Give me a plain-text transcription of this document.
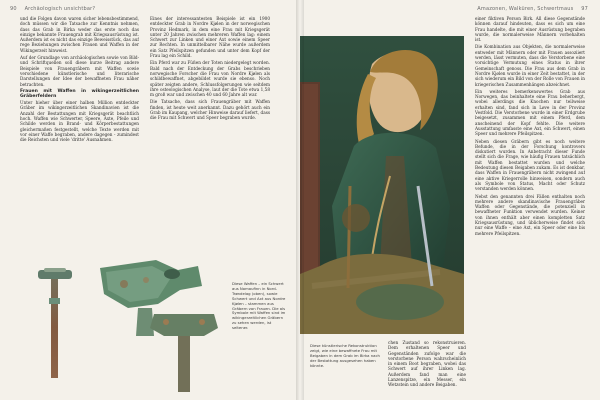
90 Archäologisch unsichtbar?

und die Folgen davon waren sicher lebensbestimmend, doch müssen wir die Tatsache zur Kenntnis nehmen, dass das Grab in Birka weder das erste noch das einzige bekannte Frauengrab mit Kriegsausrüstung ist. Außerdem ist es nicht das einzige Beweisstück, das auf rege Beziehungen zwischen Frauen und Waffen in der Wikingerzeit hinweist.

Auf der Grundlage von archäologischen sowie von Bild- und Schriftquellen soll diese kurze Beitrag andere Beispiele von Frauengräbern mit Waffen sowie verschiedene künstlerische und literarische Darstellungen der Idee der bewaffneten Frau näher betrachten.

Frauen mit Waffen in wikingerzeitlichen Gräberfeldern

Unter hieher über einer halben Million entdeckter Gräber im wikingerzeitlichen Skandinavien ist die Anzahl der Bestattungen mit Kriegsgerät beachtlich hoch. Waffen wie Schwerter, Speere, Äxte, Pfeile und Schilde werden in Brand- und Körperbestattungen gleichermaßen festgestellt, welche Texte werden mit vor einer Waffe begraben, andere dagegen - zumindest die Reichsten und viele 'dritte' Ausnahmen.

Eines der interessantesten Beispiele ist ein 1900 entdeckter Grab in Nordre Kjølen in der norwegischen Provinz Hedmark, in dem eine Frau mit Kriegsgerät unter 20 Jahren zwischen mehreren Waffen lag: einem Schwert zur Linken und einer Axt sowie einem Speer zur Rechten. In unmittelbarer Nähe wurde außerdem ein Satz Pfeilspitzen gefunden und unter dem Kopf der Frau lag ein Schild.

Ein Pferd war zu Füßen der Toten niedergelegt worden. Bald nach der Entdeckung der Grabs beschrieben norwegische Forscher die Frau von Nordre Kjølen als schildbewaffnet, abgebildet wurde sie ebenso. Noch später zeigten andere, Schlussfolgerungen wie seitdem ihre osteologischen Analyse, laut der die Tote etwa 1,58 m groß war und zwischen 40 und 60 Jahre alt war.

Die Tatsache, dass sich Frauengräber mit Waffen finden, ist heute weit anerkannt. Dazu gehört auch ein Grab im Kaupang, welcher Hinweise darauf liefert, dass die Frau mit Schwert und Speer begraben wurde.

Diese Waffen – ein Schwert aus Nomaufinn in Nord-Trøndelag (oben), sowie Schwert und Axt aus Nordre Kjølen – stammen aus Gräbern von Frauen. Die als Symbole mit Waffen sind im wikingerzeitlichen Gräbern zu sehen werden, ist seltener.
Amazonen, Walküren, Schwertmaus 97
Diese künstlerische Rekonstruktion zeigt, wie eine bewaffnete Frau mit Beigaben in dem Grab im Birka nach der Bestattung ausgesehen haben könnte.

chen Zustand so rekonstruieren. Dem erhaltenen Speer und Gegenständen zufolge war die verstorbene Person wahrscheinlich in einem Boot begraben, wobei das Schwert auf ihrer Linken lag. Außerdem fand man eine Lanzenspitze, ein Messer, ein Wetzstein und andere Beigaben.

einer fiktiven Person Birk. All diese Gegenstände können darauf hindeuten, dass es sich um eine Frau handelte, die mit einer Ausrüstung begraben wurde, die normalerweise Männern vorbehalten ist.

Die Kombination aus Objekten, die normalerweise entweder mit Männern oder mit Frauen assoziiert werden, lässt vermuten, dass die Verstorbene eine vorsichtige Vermutung eines Status in ihrer Gemeinschaft genoss. Die Frau aus dem Grab in Nordre Kjølen wurde in einer Zeit bestattet, in der sich wiederum ein Bild von der Rolle von Frauen in kriegerischen Zusammenhängen abzeichnet.

Ein weiteres bemerkenswertes Grab aus Norwegen, das beinhaltete eine Frau beherbergt, wobei allerdings die Knochen nur teilweise erhalten sind, fand sich in Løve in der Provinz Vestfold. Die Verstorbene wurde in einer Erdgrube beigesetzt, zusammen mit einem Pferd, dem anscheinend der Kopf fehlte. Die weitere Ausstattung umfasste eine Axt, ein Schwert, einen Speer und mehrere Pfeilspitzen.

Neben diesen Gräbern gibt es noch weitere Befunde, die in der Forschung kontrovers diskutiert wurden. In Anbetracht dieser Funde stellt sich die Frage, wie häufig Frauen tatsächlich mit Waffen bestattet wurden und welche Bedeutung diesen Beigaben zukam. Es ist denkbar, dass Waffen in Frauengräbern nicht zwingend auf eine aktive Kriegerrolle hinweisen, sondern auch als Symbole von Status, Macht oder Schutz verstanden werden können.

Nebst den genannten drei Fällen enthalten noch mehrere andere skandinavische Frauengräber Waffen oder Gegenstände, die potenziell in bewaffneter Funktion verwendet wurden. Keiner von ihnen enthält aber einen kompletten Satz Kriegsausrüstung, und üblicherweise findet sich nur eine Waffe – eine Axt, ein Speer oder eine bis mehrere Pfeilspitzen.
